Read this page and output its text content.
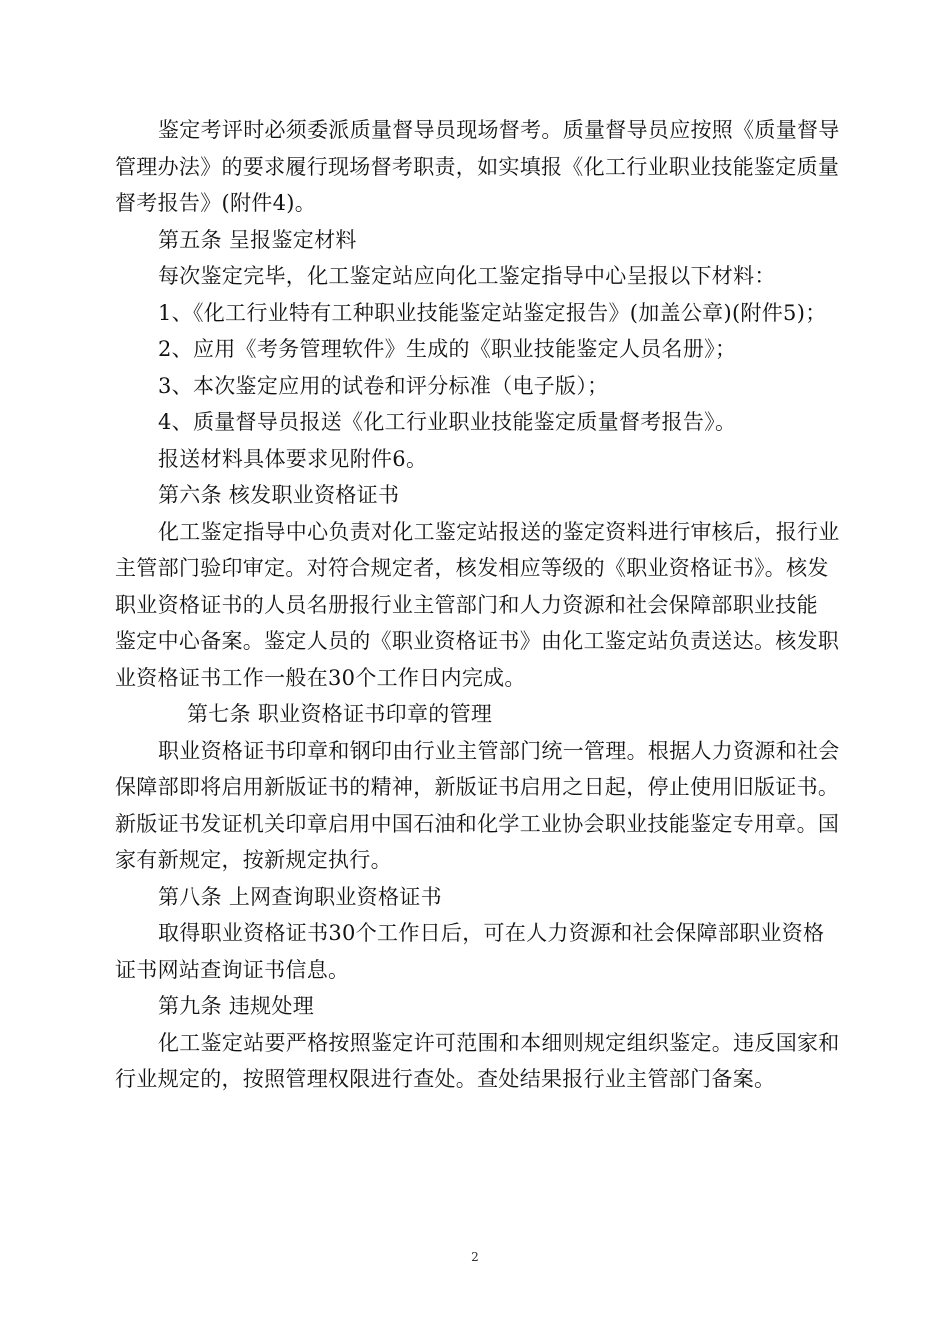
鉴定考评时必须委派质量督导员现场督考。质量督导员应按照《质量督导
管理办法》的要求履行现场督考职责，如实填报《化工行业职业技能鉴定质量
督考报告》(附件4)。
第五条 呈报鉴定材料
每次鉴定完毕，化工鉴定站应向化工鉴定指导中心呈报以下材料：
1、《化工行业特有工种职业技能鉴定站鉴定报告》(加盖公章)(附件5)；
2、应用《考务管理软件》生成的《职业技能鉴定人员名册》；
3、本次鉴定应用的试卷和评分标准（电子版）；
4、质量督导员报送《化工行业职业技能鉴定质量督考报告》。
报送材料具体要求见附件6。
第六条 核发职业资格证书
化工鉴定指导中心负责对化工鉴定站报送的鉴定资料进行审核后，报行业
主管部门验印审定。对符合规定者，核发相应等级的《职业资格证书》。核发
职业资格证书的人员名册报行业主管部门和人力资源和社会保障部职业技能
鉴定中心备案。鉴定人员的《职业资格证书》由化工鉴定站负责送达。核发职
业资格证书工作一般在30个工作日内完成。
第七条 职业资格证书印章的管理
职业资格证书印章和钢印由行业主管部门统一管理。根据人力资源和社会
保障部即将启用新版证书的精神，新版证书启用之日起，停止使用旧版证书。
新版证书发证机关印章启用中国石油和化学工业协会职业技能鉴定专用章。国
家有新规定，按新规定执行。
第八条 上网查询职业资格证书
取得职业资格证书30个工作日后，可在人力资源和社会保障部职业资格
证书网站查询证书信息。
第九条 违规处理
化工鉴定站要严格按照鉴定许可范围和本细则规定组织鉴定。违反国家和
行业规定的，按照管理权限进行查处。查处结果报行业主管部门备案。
2
